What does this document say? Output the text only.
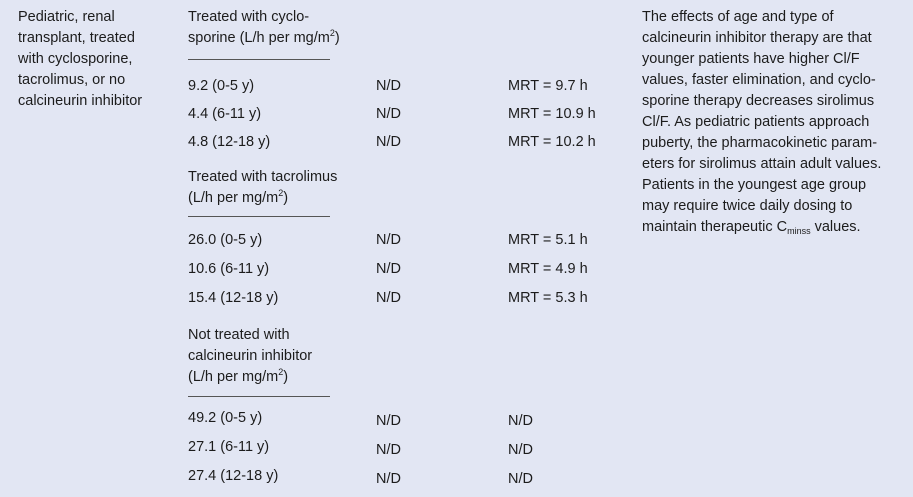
Pediatric, renal
transplant, treated
with cyclosporine,
tacrolimus, or no
calcineurin inhibitor
Treated with cyclo-
sporine (L/h per $mg/m^2$)
9.2 (0-5 y)	N/D	MRT = 9.7 h
4.4 (6-11 y)	N/D	MRT = 10.9 h
4.8 (12-18 y)	N/D	MRT = 10.2 h
Treated with tacrolimus
(L/h per $mg/m^2$)
26.0 (0-5 y)	N/D	MRT = 5.1 h
10.6 (6-11 y)	N/D	MRT = 4.9 h
15.4 (12-18 y)	N/D	MRT = 5.3 h
Not treated with
calcineurin inhibitor
(L/h per $mg/m^2$)
49.2 (0-5 y)	N/D	N/D
27.1 (6-11 y)	N/D	N/D
27.4 (12-18 y)	N/D	N/D
The effects of age and type of
calcineurin inhibitor therapy are that
younger patients have higher Cl/F
values, faster elimination, and cyclo-
sporine therapy decreases sirolimus
Cl/F. As pediatric patients approach
puberty, the pharmacokinetic param-
eters for sirolimus attain adult values.
Patients in the youngest age group
may require twice daily dosing to
maintain therapeutic $C_{minss}$ values.
